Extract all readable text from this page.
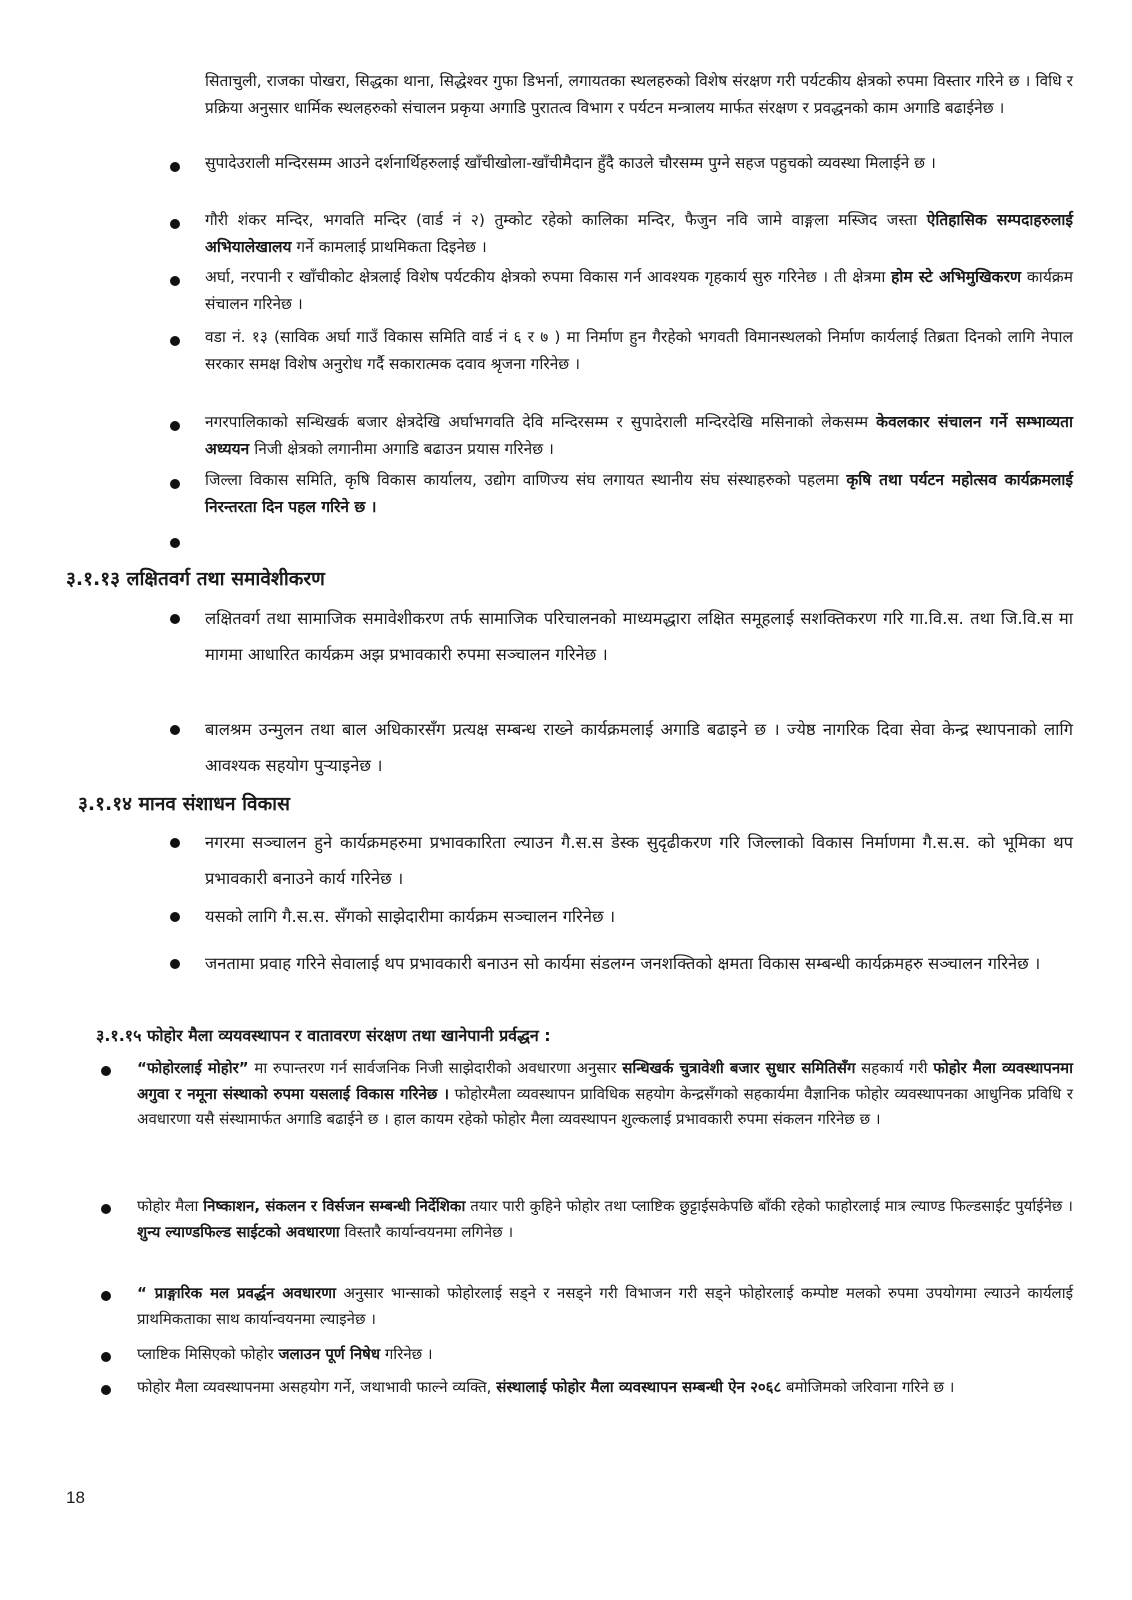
सिताचुली, राजका पोखरा, सिद्धका थाना, सिद्धेश्वर गुफा डिभर्ना, लगायतका स्थलहरुको विशेष संरक्षण गरी पर्यटकीय क्षेत्रको रुपमा विस्तार गरिने छ । विधि र प्रक्रिया अनुसार धार्मिक स्थलहरुको संचालन प्रकृया अगाडि पुरातत्व विभाग र पर्यटन मन्त्रालय मार्फत संरक्षण र प्रवद्धनको काम अगाडि बढाईनेछ ।

सुपादेउराली मन्दिरसम्म आउने दर्शनार्थिहरुलाई खाँचीखोला-खाँचीमैदान हुँदै काउले चौरसम्म पुग्ने सहज पहुचको व्यवस्था मिलाईने छ ।

गौरी शंकर मन्दिर, भगवति मन्दिर (वार्ड नं २) तुम्कोट रहेको कालिका मन्दिर, फैजुन नवि जामे वाङ्गला मस्जिद जस्ता ऐतिहासिक सम्पदाहरुलाई अभियालेखालय गर्ने कामलाई प्राथमिकता दिइनेछ ।

अर्घा, नरपानी र खाँचीकोट क्षेत्रलाई विशेष पर्यटकीय क्षेत्रको रुपमा विकास गर्न आवश्यक गृहकार्य सुरु गरिनेछ । ती क्षेत्रमा होम स्टे अभिमुखिकरण कार्यक्रम संचालन गरिनेछ ।

वडा नं. १३ (साविक अर्घा गाउँ विकास समिति वार्ड नं ६ र ७ ) मा निर्माण हुन गैरहेको भगवती विमानस्थलको निर्माण कार्यलाई तिब्रता दिनको लागि नेपाल सरकार समक्ष विशेष अनुरोध गर्दै सकारात्मक दवाव श्रृजना गरिनेछ ।

नगरपालिकाको सन्धिखर्क बजार क्षेत्रदेखि अर्घाभगवति देवि मन्दिरसम्म र सुपादेराली मन्दिरदेखि मसिनाको लेकसम्म केवलकार संचालन गर्ने सम्भाव्यता अध्ययन निजी क्षेत्रको लगानीमा अगाडि बढाउन प्रयास गरिनेछ ।

जिल्ला विकास समिति, कृषि विकास कार्यालय, उद्योग वाणिज्य संघ लगायत स्थानीय संघ संस्थाहरुको पहलमा कृषि तथा पर्यटन महोत्सव कार्यक्रमलाई निरन्तरता दिन पहल गरिने छ ।

३.१.१३ लक्षितवर्ग तथा समावेशीकरण

लक्षितवर्ग तथा सामाजिक समावेशीकरण तर्फ सामाजिक परिचालनको माध्यमद्धारा लक्षित समूहलाई सशक्तिकरण गरि गा.वि.स. तथा जि.वि.स मा मागमा आधारित कार्यक्रम अझ प्रभावकारी रुपमा सञ्चालन गरिनेछ ।

बालश्रम उन्मुलन तथा बाल अधिकारसँग प्रत्यक्ष सम्बन्ध राख्ने कार्यक्रमलाई अगाडि बढाइने छ । ज्येष्ठ नागरिक दिवा सेवा केन्द्र स्थापनाको लागि आवश्यक सहयोग पुऱ्याइनेछ ।

३.१.१४ मानव संशाधन विकास

नगरमा सञ्चालन हुने कार्यक्रमहरुमा प्रभावकारिता ल्याउन गै.स.स डेस्क सुदृढीकरण गरि जिल्लाको विकास निर्माणमा गै.स.स. को भूमिका थप प्रभावकारी बनाउने कार्य गरिनेछ ।

यसको लागि गै.स.स. सँगको साझेदारीमा कार्यक्रम सञ्चालन गरिनेछ ।

जनतामा प्रवाह गरिने सेवालाई थप प्रभावकारी बनाउन सो कार्यमा संडलग्न जनशक्तिको क्षमता विकास सम्बन्धी कार्यक्रमहरु सञ्चालन गरिनेछ ।

३.१.१५ फोहोर मैला व्ययवस्थापन र वातावरण संरक्षण तथा खानेपानी प्रर्वद्धन :

“फोहोरलाई मोहोर” मा रुपान्तरण गर्न सार्वजनिक निजी साझेदारीको अवधारणा अनुसार सन्धिखर्क चुत्रावेशी बजार सुधार समितिसँग सहकार्य गरी फोहोर मैला व्यवस्थापनमा अगुवा र नमूना संस्थाको रुपमा यसलाई विकास गरिनेछ । फोहोरमैला व्यवस्थापन प्राविधिक सहयोग केन्द्रसँगको सहकार्यमा वैज्ञानिक फोहोर व्यवस्थापनका आधुनिक प्रविधि र अवधारणा यसै संस्थामार्फत अगाडि बढाईने छ । हाल कायम रहेको फोहोर मैला व्यवस्थापन शुल्कलाई प्रभावकारी रुपमा संकलन गरिनेछ छ ।

फोहोर मैला निष्काशन, संकलन र विर्सजन सम्बन्धी निर्देशिका तयार पारी कुहिने फोहोर तथा प्लाष्टिक छुट्टाईसकेपछि बाँकी रहेको फाहोरलाई मात्र ल्याण्ड फिल्डसाईट पुर्याईनेछ । शुन्य ल्याण्डफिल्ड साईटको अवधारणा विस्तारै कार्यान्वयनमा लगिनेछ ।

“ प्राङ्गारिक मल प्रवर्द्धन अवधारणा अनुसार भान्साको फोहोरलाई सड्ने र नसड्ने गरी विभाजन गरी सड्ने फोहोरलाई कम्पोष्ट मलको रुपमा उपयोगमा ल्याउने कार्यलाई प्राथमिकताका साथ कार्यान्वयनमा ल्याइनेछ ।

प्लाष्टिक मिसिएको फोहोर जलाउन पूर्ण निषेध गरिनेछ ।

फोहोर मैला व्यवस्थापनमा असहयोग गर्ने, जथाभावी फाल्ने व्यक्ति, संस्थालाई फोहोर मैला व्यवस्थापन सम्बन्धी ऐन २०६८ बमोजिमको जरिवाना गरिने छ ।

18
